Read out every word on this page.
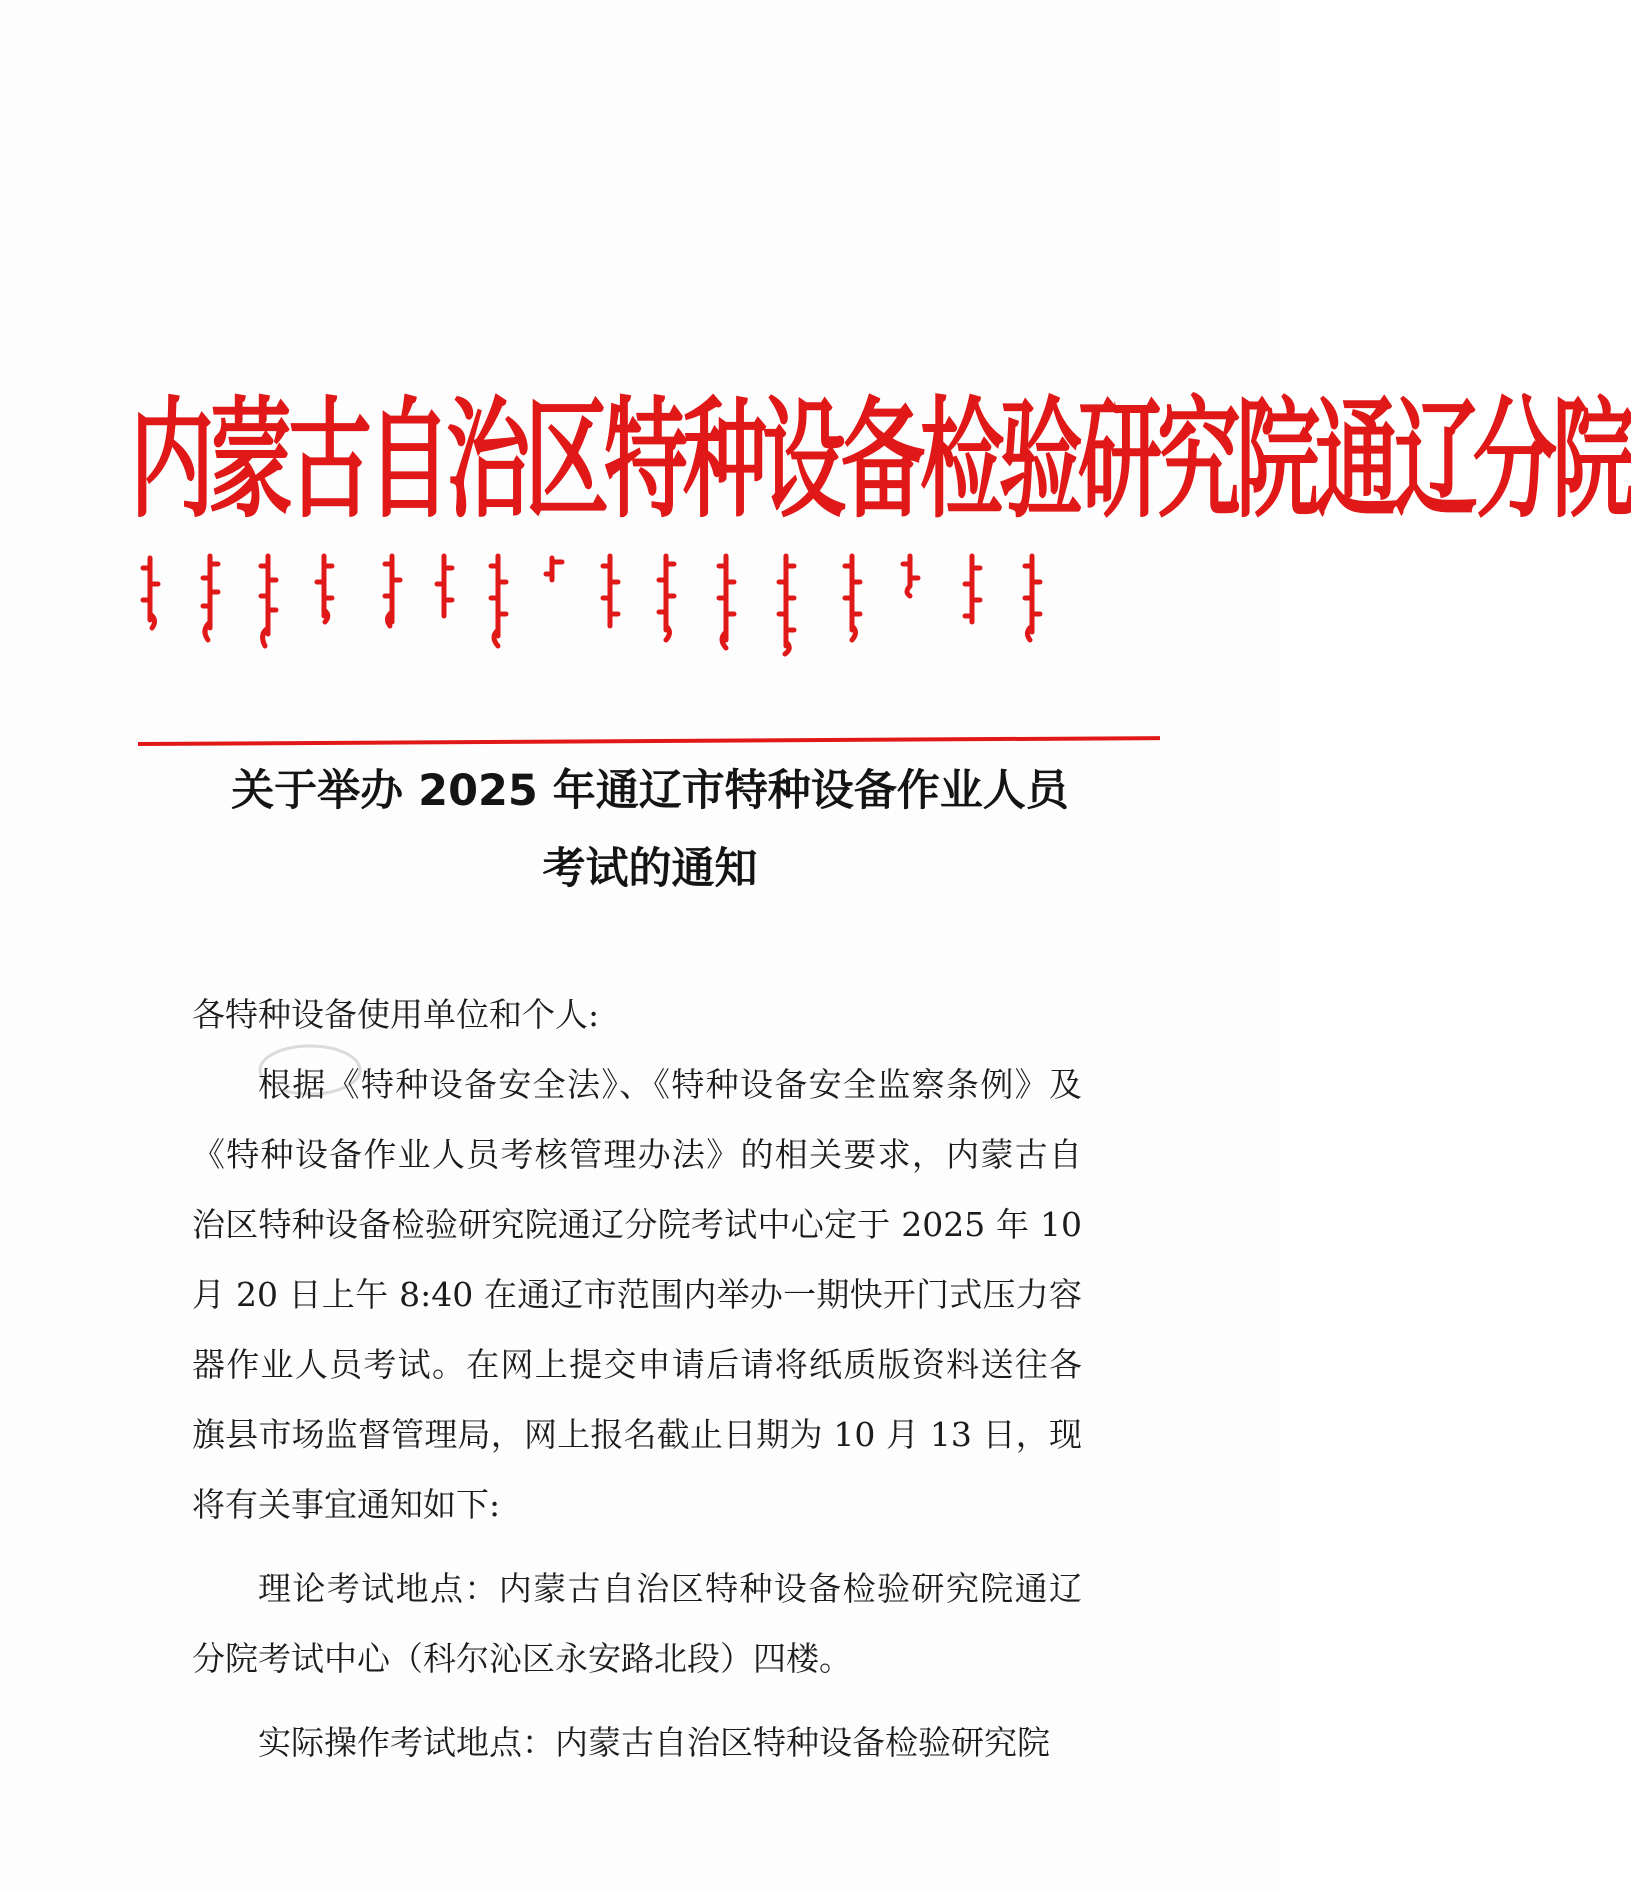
内蒙古自治区特种设备检验研究院通辽分院
关于举办 2025 年通辽市特种设备作业人员
考试的通知

各特种设备使用单位和个人:

根据《特种设备安全法》、《特种设备安全监察条例》及《特种设备作业人员考核管理办法》的相关要求，内蒙古自治区特种设备检验研究院通辽分院考试中心定于 2025 年 10 月 20 日上午 8:40 在通辽市范围内举办一期快开门式压力容器作业人员考试。在网上提交申请后请将纸质版资料送往各旗县市场监督管理局，网上报名截止日期为 10 月 13 日，现将有关事宜通知如下:

理论考试地点：内蒙古自治区特种设备检验研究院通辽分院考试中心（科尔沁区永安路北段）四楼。

实际操作考试地点：内蒙古自治区特种设备检验研究院
